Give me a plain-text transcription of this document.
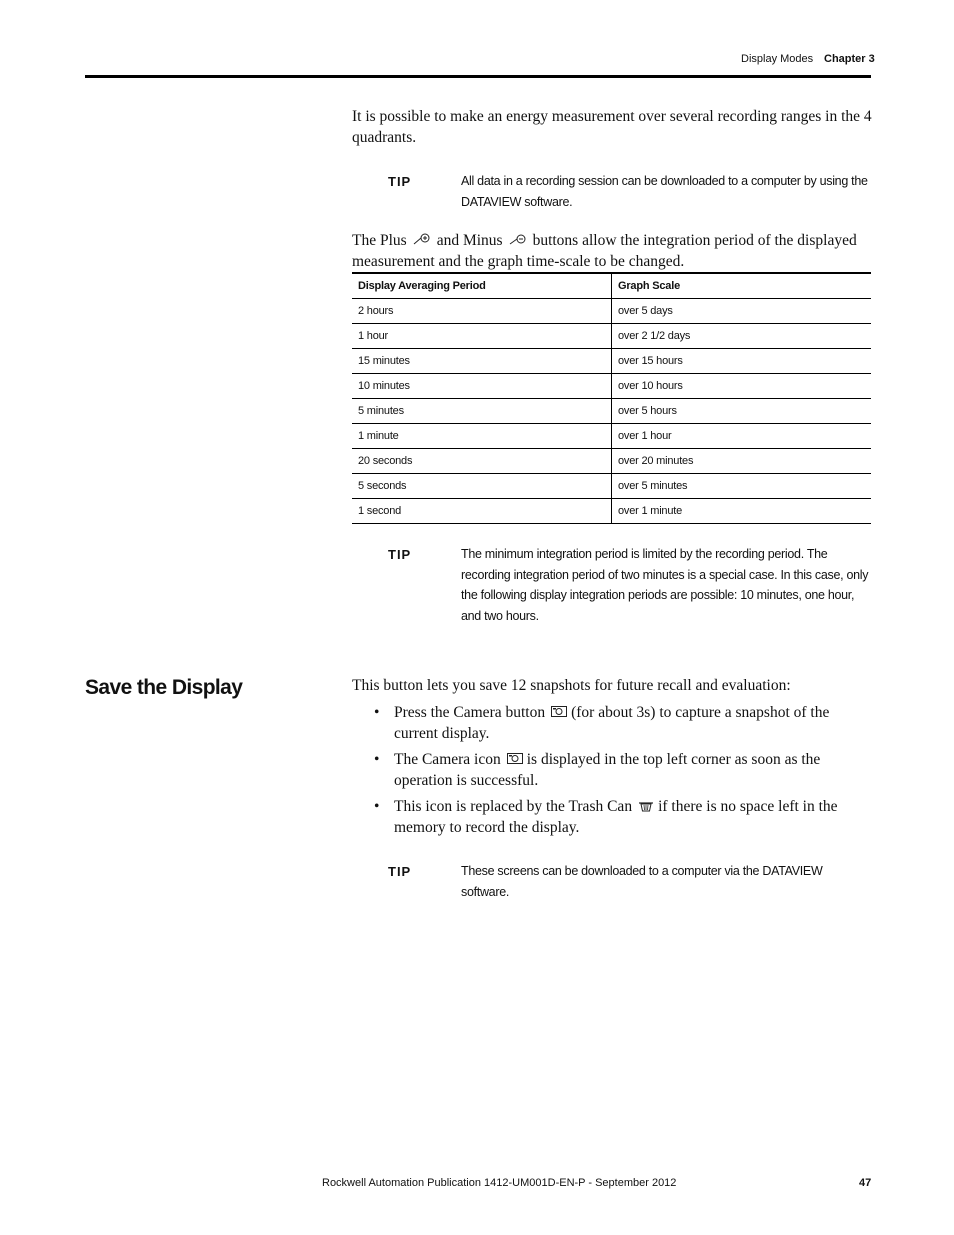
Display Modes Chapter 3

It is possible to make an energy measurement over several recording ranges in the 4 quadrants.

TIP	All data in a recording session can be downloaded to a computer by using the DATAVIEW software.

The Plus and Minus buttons allow the integration period of the displayed measurement and the graph time-scale to be changed.

Display Averaging Period	Graph Scale
2 hours	over 5 days
1 hour	over 2 1/2 days
15 minutes	over 15 hours
10 minutes	over 10 hours
5 minutes	over 5 hours
1 minute	over 1 hour
20 seconds	over 20 minutes
5 seconds	over 5 minutes
1 second	over 1 minute
TIP	The minimum integration period is limited by the recording period. The recording integration period of two minutes is a special case. In this case, only the following display integration periods are possible: 10 minutes, one hour, and two hours.
Save the Display	This button lets you save 12 snapshots for future recall and evaluation:

• Press the Camera button (for about 3s) to capture a snapshot of the current display.
• The Camera icon is displayed in the top left corner as soon as the operation is successful.
• This icon is replaced by the Trash Can if there is no space left in the memory to record the display.
TIP	These screens can be downloaded to a computer via the DATAVIEW software.
Rockwell Automation Publication 1412-UM001D-EN-P - September 2012	47
